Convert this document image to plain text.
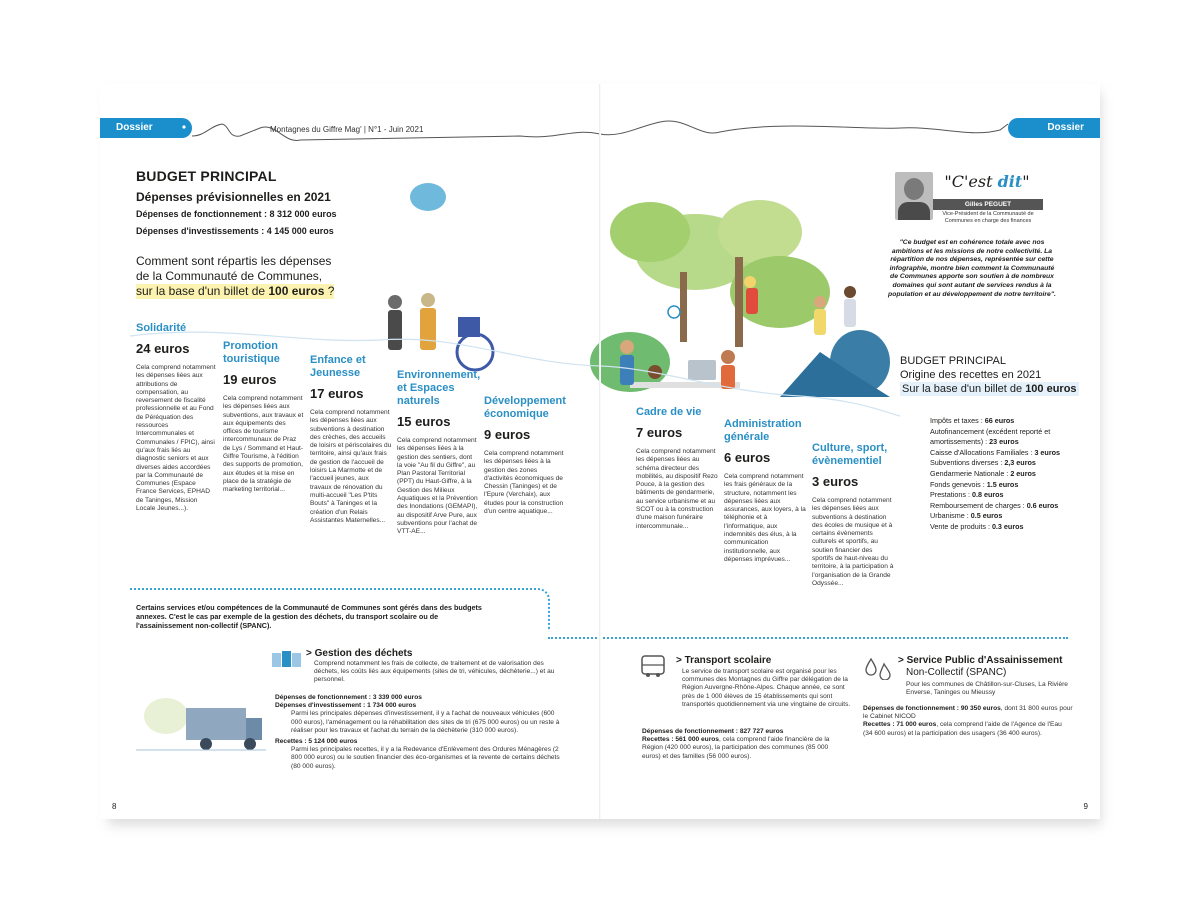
Dossier	Dossier
Montagnes du Giffre Mag' | N°1 - Juin 2021
BUDGET PRINCIPAL
Dépenses prévisionnelles en 2021
Dépenses de fonctionnement : 8 312 000 euros
Dépenses d'investissements : 4 145 000 euros
Comment sont répartis les dépenses
de la Communauté de Communes,
sur la base d'un billet de 100 euros ?
"C'est dit"
Gilles PEGUET
Vice-Président de la Communauté de Communes en charge des finances
"Ce budget est en cohérence totale avec nos ambitions et les missions de notre collectivité. La répartition de nos dépenses, représentée sur cette infographie, montre bien comment la Communauté de Communes apporte son soutien à de nombreux domaines qui sont autant de services rendus à la population et au développement de notre territoire".
Solidarité
24 euros
Cela comprend notamment les dépenses liées aux attributions de compensation, au reversement de fiscalité professionnelle et au Fond de Péréquation des ressources Intercommunales et Communales / FPIC), ainsi qu'aux frais liés au diagnostic seniors et aux diverses aides accordées par la Communauté de Communes (Espace France Services, EPHAD de Taninges, Mission Locale Jeunes...).
Promotion touristique
19 euros
Cela comprend notamment les dépenses liées aux subventions, aux travaux et aux équipements des offices de tourisme intercommunaux de Praz de Lys / Sommand et Haut-Giffre Tourisme, à l'édition des supports de promotion, aux études et la mise en place de la stratégie de marketing territorial...
Enfance et Jeunesse
17 euros
Cela comprend notamment les dépenses liées aux subventions à destination des crèches, des accueils de loisirs et périscolaires du territoire, ainsi qu'aux frais de gestion de l'accueil de loisirs La Marmotte et de l'accueil jeunes, aux travaux de rénovation du multi-accueil "Les P'tits Bouts" à Taninges et la création d'un Relais Assistantes Maternelles...
Environnement, et Espaces naturels
15 euros
Cela comprend notamment les dépenses liées à la gestion des sentiers, dont la voie "Au fil du Giffre", au Plan Pastoral Territorial (PPT) du Haut-Giffre, à la Gestion des Milieux Aquatiques et la Prévention des Inondations (GEMAPI), au dispositif Arve Pure, aux subventions pour l'achat de VTT-AE...
Développement économique
9 euros
Cela comprend notamment les dépenses liées à la gestion des zones d'activités économiques de Chessin (Taninges) et de l'Epure (Verchaix), aux études pour la construction d'un centre aquatique...
Cadre de vie
7 euros
Cela comprend notamment les dépenses liées au schéma directeur des mobilités, au dispositif Rezo Pouce, à la gestion des bâtiments de gendarmerie, au service urbanisme et au SCOT ou à la construction d'une maison funéraire intercommunale...
Administration générale
6 euros
Cela comprend notamment les frais généraux de la structure, notamment les dépenses liées aux assurances, aux loyers, à la téléphonie et à l'informatique, aux indemnités des élus, à la communication institutionnelle, aux dépenses imprévues...
Culture, sport, évènementiel
3 euros
Cela comprend notamment les dépenses liées aux subventions à destination des écoles de musique et à certains évènements culturels et sportifs, au soutien financier des sportifs de haut-niveau du territoire, à la participation à l'organisation de la Grande Odyssée...
BUDGET PRINCIPAL
Origine des recettes en 2021
Sur la base d'un billet de 100 euros
Impôts et taxes : 66 euros
Autofinancement (excédent reporté et amortissements) : 23 euros
Caisse d'Allocations Familiales : 3 euros
Subventions diverses : 2,3 euros
Gendarmerie Nationale : 2 euros
Fonds genevois : 1.5 euros
Prestations : 0.8 euros
Remboursement de charges : 0.6 euros
Urbanisme : 0.5 euros
Vente de produits : 0.3 euros
Certains services et/ou compétences de la Communauté de Communes sont gérés dans des budgets annexes. C'est le cas par exemple de la gestion des déchets, du transport scolaire ou de l'assainissement non-collectif (SPANC).
> Gestion des déchets
Comprend notamment les frais de collecte, de traitement et de valorisation des déchets, les coûts liés aux équipements (sites de tri, véhicules, déchèterie...) et au personnel.
Dépenses de fonctionnement : 3 339 000 euros
Dépenses d'investissement : 1 734 000 euros
Parmi les principales dépenses d'investissement, il y a l'achat de nouveaux véhicules (600 000 euros), l'aménagement ou la réhabilitation des sites de tri (675 000 euros) ou un reste à réaliser pour les travaux et l'achat du terrain de la déchèterie (310 000 euros).
Recettes : 5 124 000 euros
Parmi les principales recettes, il y a la Redevance d'Enlèvement des Ordures Ménagères (2 800 000 euros) ou le soutien financier des éco-organismes et la revente de certains déchets (80 000 euros).
> Transport scolaire
Le service de transport scolaire est organisé pour les communes des Montagnes du Giffre par délégation de la Région Auvergne-Rhône-Alpes. Chaque année, ce sont près de 1 000 élèves de 15 établissements qui sont transportés quotidiennement via une vingtaine de circuits.
Dépenses de fonctionnement : 827 727 euros
Recettes : 561 000 euros, cela comprend l'aide financière de la Région (420 000 euros), la participation des communes (85 000 euros) et des familles (56 000 euros).
> Service Public d'Assainissement
Non-Collectif (SPANC)
Pour les communes de Châtillon-sur-Cluses, La Rivière Enverse, Taninges ou Mieussy
Dépenses de fonctionnement : 90 350 euros, dont 31 800 euros pour le Cabinet NICOD
Recettes : 71 000 euros, cela comprend l'aide de l'Agence de l'Eau (34 600 euros) et la participation des usagers (36 400 euros).
8	9
